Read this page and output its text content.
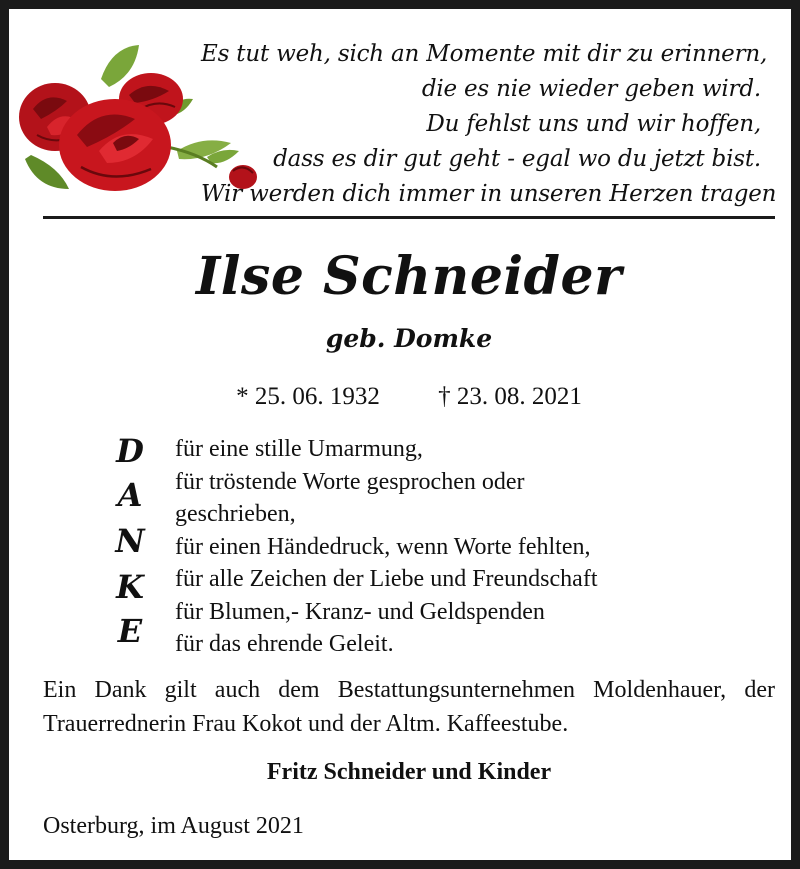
Es tut weh, sich an Momente mit dir zu erinnern,
die es nie wieder geben wird.
Du fehlst uns und wir hoffen,
dass es dir gut geht - egal wo du jetzt bist.
Wir werden dich immer in unseren Herzen tragen
Ilse Schneider
geb. Domke
* 25. 06. 1932 † 23. 08. 2021
D
A
N
K
E
für eine stille Umarmung,
für tröstende Worte gesprochen oder
geschrieben,
für einen Händedruck, wenn Worte fehlten,
für alle Zeichen der Liebe und Freundschaft
für Blumen,- Kranz- und Geldspenden
für das ehrende Geleit.
Ein Dank gilt auch dem Bestattungsunternehmen Moldenhauer, der Trauerrednerin Frau Kokot und der Altm. Kaffeestube.
Fritz Schneider und Kinder
Osterburg, im August 2021
